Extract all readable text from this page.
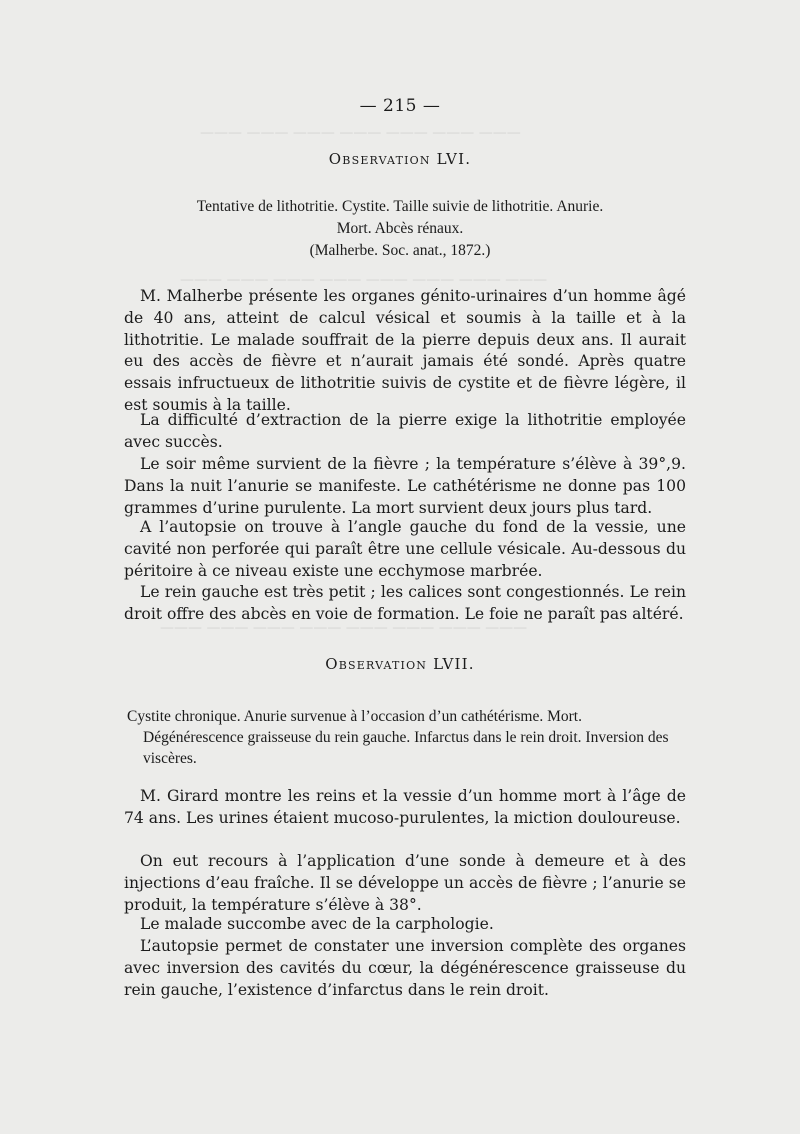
——— ——— ——— ——— ——— ——— ———
——— ——— ——— ——— ——— ——— ——— ———
——— ——— ——— ——— ——— ——— ——— ———
— 215 —
Observation LVI.
Tentative de lithotritie. Cystite. Taille suivie de lithotritie. Anurie.
Mort. Abcès rénaux.
(Malherbe. Soc. anat., 1872.)

M. Malherbe présente les organes génito-urinaires d’un homme âgé de 40 ans, atteint de calcul vésical et soumis à la taille et à la lithotritie. Le malade souffrait de la pierre depuis deux ans. Il aurait eu des accès de fièvre et n’aurait jamais été sondé. Après quatre essais infructueux de lithotritie suivis de cystite et de fièvre légère, il est soumis à la taille.

La difficulté d’extraction de la pierre exige la lithotritie employée avec succès.

Le soir même survient de la fièvre ; la température s’élève à 39°,9. Dans la nuit l’anurie se manifeste. Le cathétérisme ne donne pas 100 grammes d’urine purulente. La mort survient deux jours plus tard.

A l’autopsie on trouve à l’angle gauche du fond de la vessie, une cavité non perforée qui paraît être une cellule vésicale. Au-dessous du péritoire à ce niveau existe une ecchymose marbrée.

Le rein gauche est très petit ; les calices sont congestionnés. Le rein droit offre des abcès en voie de formation. Le foie ne paraît pas altéré.

Observation LVII.
Cystite chronique. Anurie survenue à l’occasion d’un cathétérisme. Mort.
Dégénérescence graisseuse du rein gauche. Infarctus dans le rein droit. Inversion des viscères.

M. Girard montre les reins et la vessie d’un homme mort à l’âge de 74 ans. Les urines étaient mucoso-purulentes, la miction douloureuse.

On eut recours à l’application d’une sonde à demeure et à des injections d’eau fraîche. Il se développe un accès de fièvre ; l’anurie se produit, la température s’élève à 38°.

Le malade succombe avec de la carphologie.

L’autopsie permet de constater une inversion complète des organes avec inversion des cavités du cœur, la dégénérescence graisseuse du rein gauche, l’existence d’infarctus dans le rein droit.
